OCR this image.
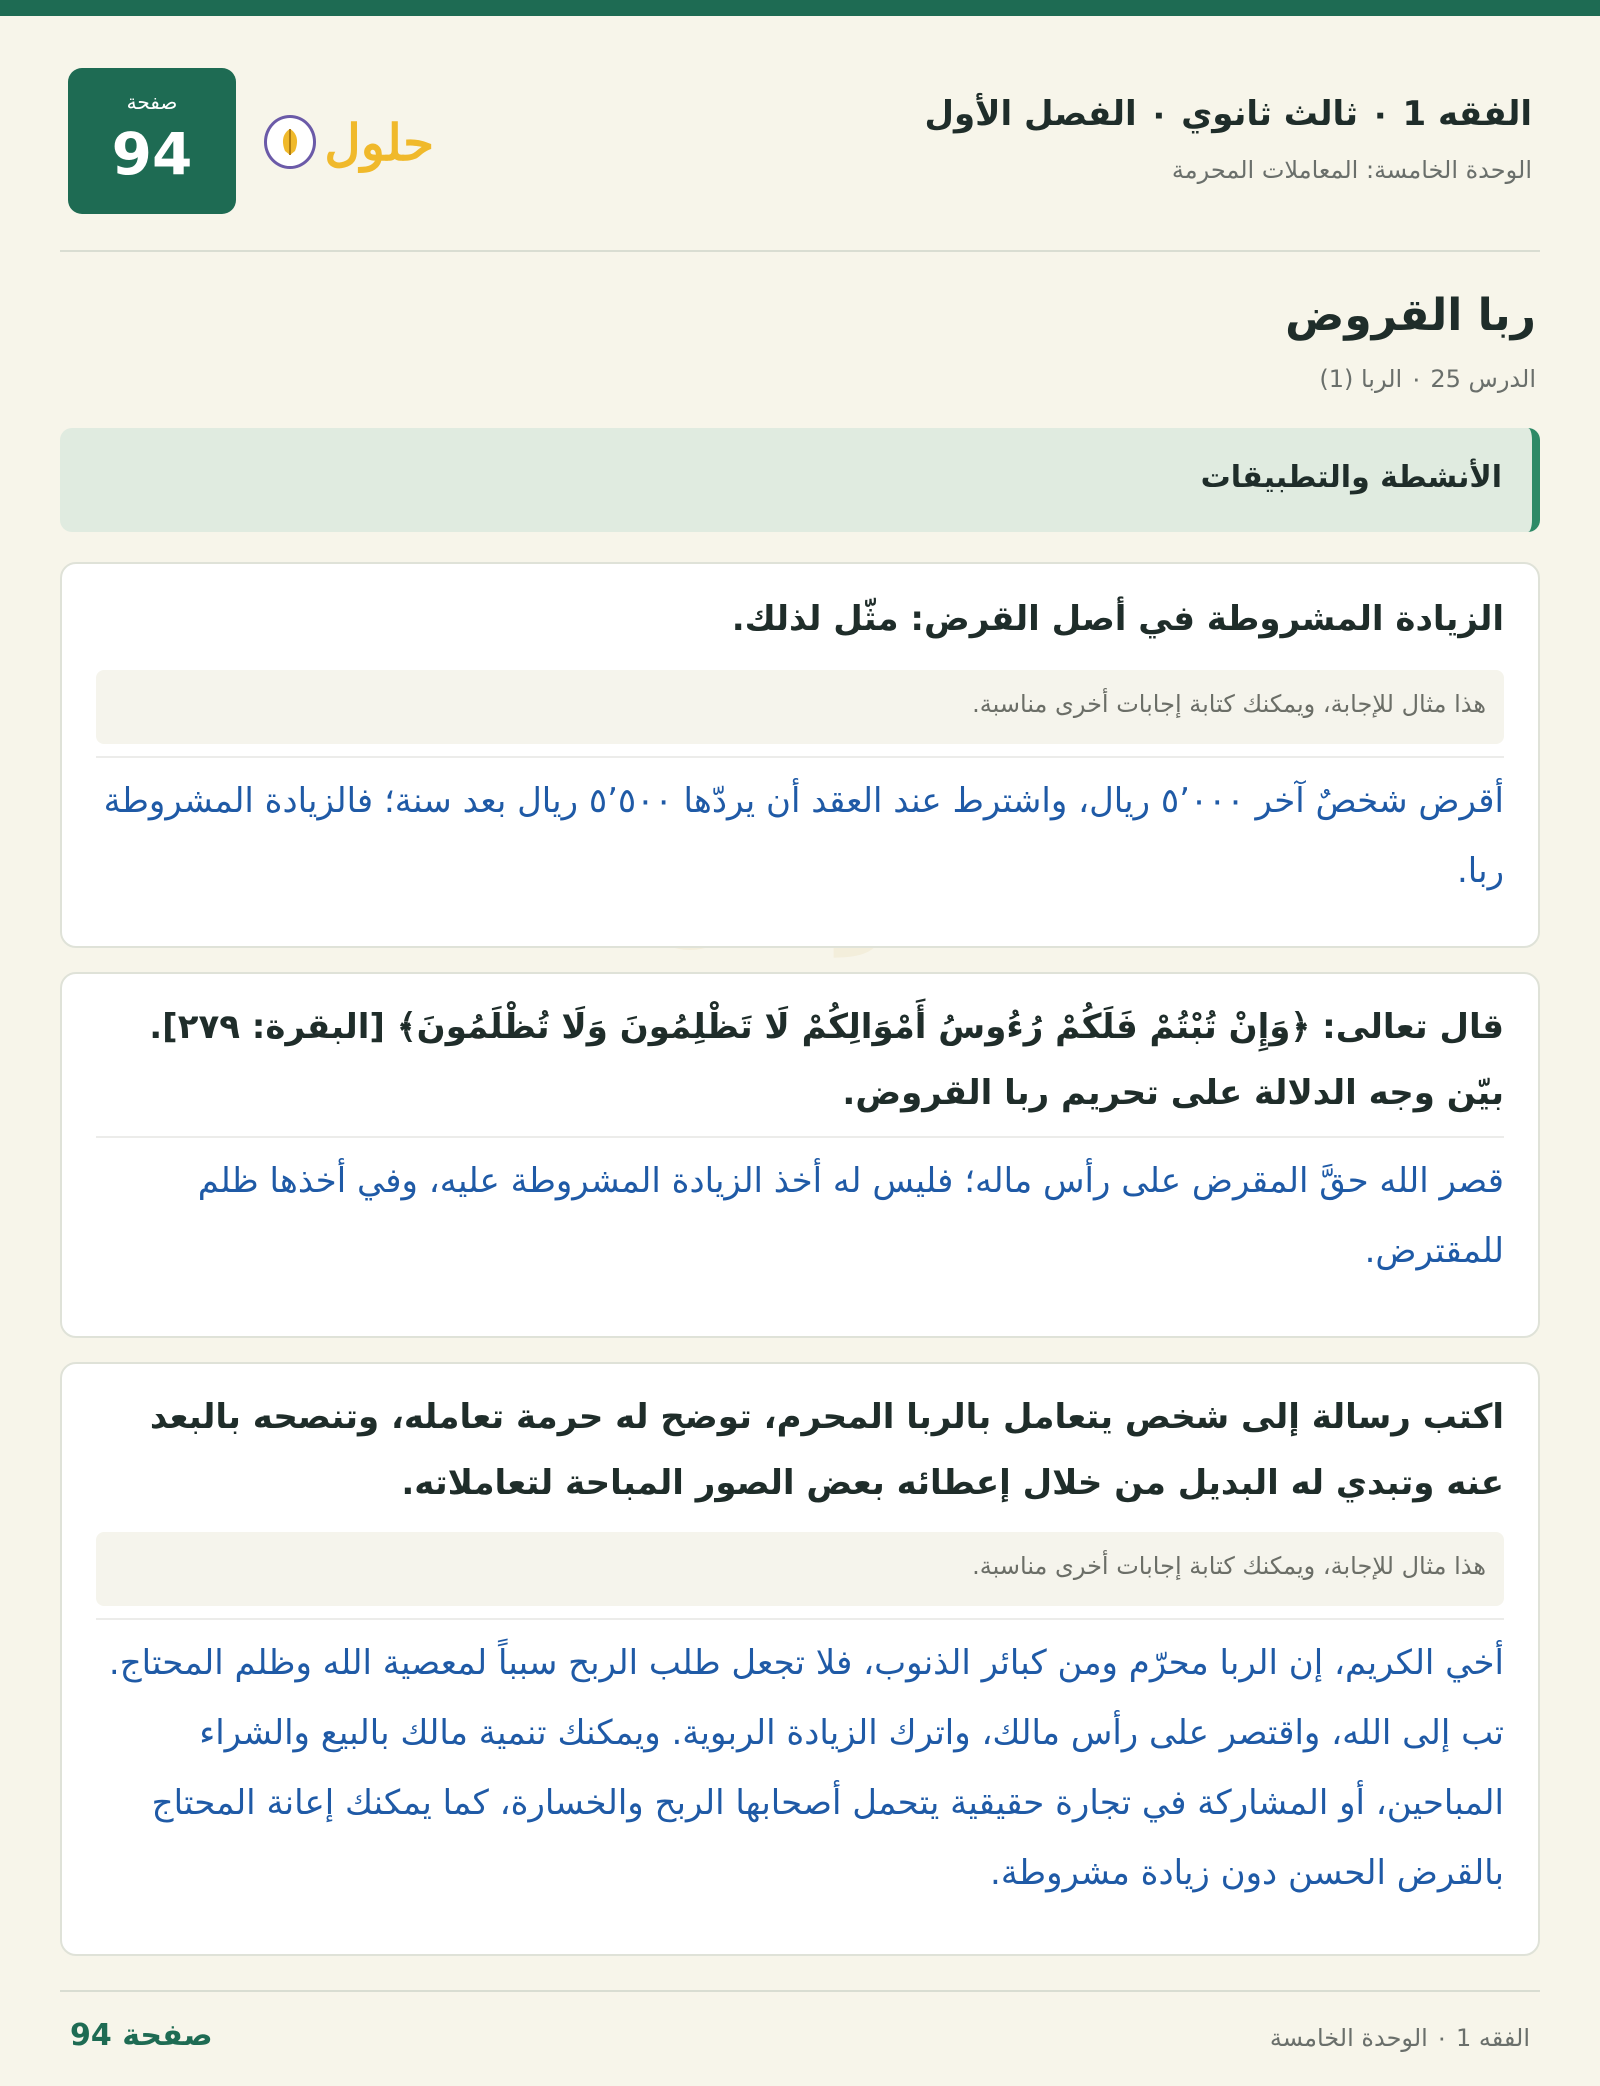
صفحة
94	حلول	الفقه 1 ٠ ثالث ثانوي ٠ الفصل الأول
الوحدة الخامسة: المعاملات المحرمة
ربا القروض
الدرس 25 ٠ الربا (1)
الأنشطة والتطبيقات
الزيادة المشروطة في أصل القرض: مثّل لذلك.
هذا مثال للإجابة، ويمكنك كتابة إجابات أخرى مناسبة.
أقرض شخصٌ آخر ٥٬٠٠٠ ريال، واشترط عند العقد أن يردّها ٥٬٥٠٠ ريال بعد سنة؛ فالزيادة المشروطة ربا.
قال تعالى: ﴿وَإِنْ تُبْتُمْ فَلَكُمْ رُءُوسُ أَمْوَالِكُمْ لَا تَظْلِمُونَ وَلَا تُظْلَمُونَ﴾ [البقرة: ٢٧٩]. بيّن وجه الدلالة على تحريم ربا القروض.
قصر الله حقَّ المقرض على رأس ماله؛ فليس له أخذ الزيادة المشروطة عليه، وفي أخذها ظلم للمقترض.
اكتب رسالة إلى شخص يتعامل بالربا المحرم، توضح له حرمة تعامله، وتنصحه بالبعد عنه وتبدي له البديل من خلال إعطائه بعض الصور المباحة لتعاملاته.
هذا مثال للإجابة، ويمكنك كتابة إجابات أخرى مناسبة.
أخي الكريم، إن الربا محرّم ومن كبائر الذنوب، فلا تجعل طلب الربح سبباً لمعصية الله وظلم المحتاج. تب إلى الله، واقتصر على رأس مالك، واترك الزيادة الربوية. ويمكنك تنمية مالك بالبيع والشراء المباحين، أو المشاركة في تجارة حقيقية يتحمل أصحابها الربح والخسارة، كما يمكنك إعانة المحتاج بالقرض الحسن دون زيادة مشروطة.
صفحة 94	الفقه 1 ٠ الوحدة الخامسة
